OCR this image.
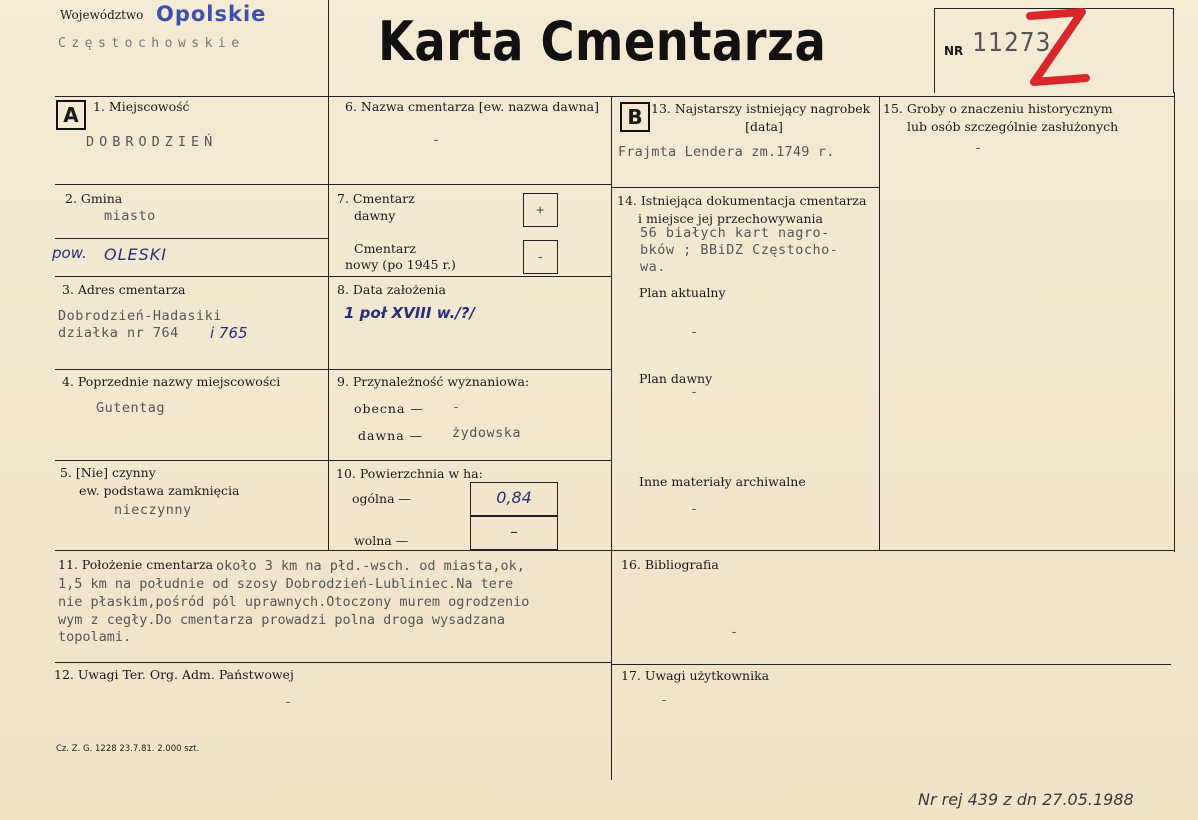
Województwo Opolskie
Częstochowskie Karta Cmentarza	NR 11273
A	1. Miejscowość
DOBRODZIEŃ
2. Gmina
miasto
pow. OLESKI
3. Adres cmentarza
Dobrodzień-Hadasiki
działka nr 764 i 765
4. Poprzednie nazwy miejscowości
Gutentag
5. [Nie] czynny
ew. podstawa zamknięcia
nieczynny
6. Nazwa cmentarza [ew. nazwa dawna]
-
7. Cmentarz
dawny	+
Cmentarz
nowy (po 1945 r.)	-
8. Data założenia
1 poł XVIII w./?/
9. Przynależność wyznaniowa:
obecna — -
dawna — żydowska
10. Powierzchnia w ha:
ogólna —	0,84
wolna —	–
B 13. Najstarszy istniejący nagrobek
[data]
Frajmta Lendera zm.1749 r.
14. Istniejąca dokumentacja cmentarza
i miejsce jej przechowywania
56 białych kart nagro-
bków ; BBiDZ Częstocho-
wa.
Plan aktualny
-
Plan dawny
-
Inne materiały archiwalne
-
15. Groby o znaczeniu historycznym
lub osób szczególnie zasłużonych
-
11. Położenie cmentarza około 3 km na płd.-wsch. od miasta,ok,
1,5 km na południe od szosy Dobrodzień-Lubliniec.Na tere
nie płaskim,pośród pól uprawnych.Otoczony murem ogrodzenio
wym z cegły.Do cmentarza prowadzi polna droga wysadzana
topolami.
12. Uwagi Ter. Org. Adm. Państwowej
-
16. Bibliografia
-
17. Uwagi użytkownika
-
Cz. Z. G. 1228 23.7.81. 2.000 szt.
Nr rej 439 z dn 27.05.1988
